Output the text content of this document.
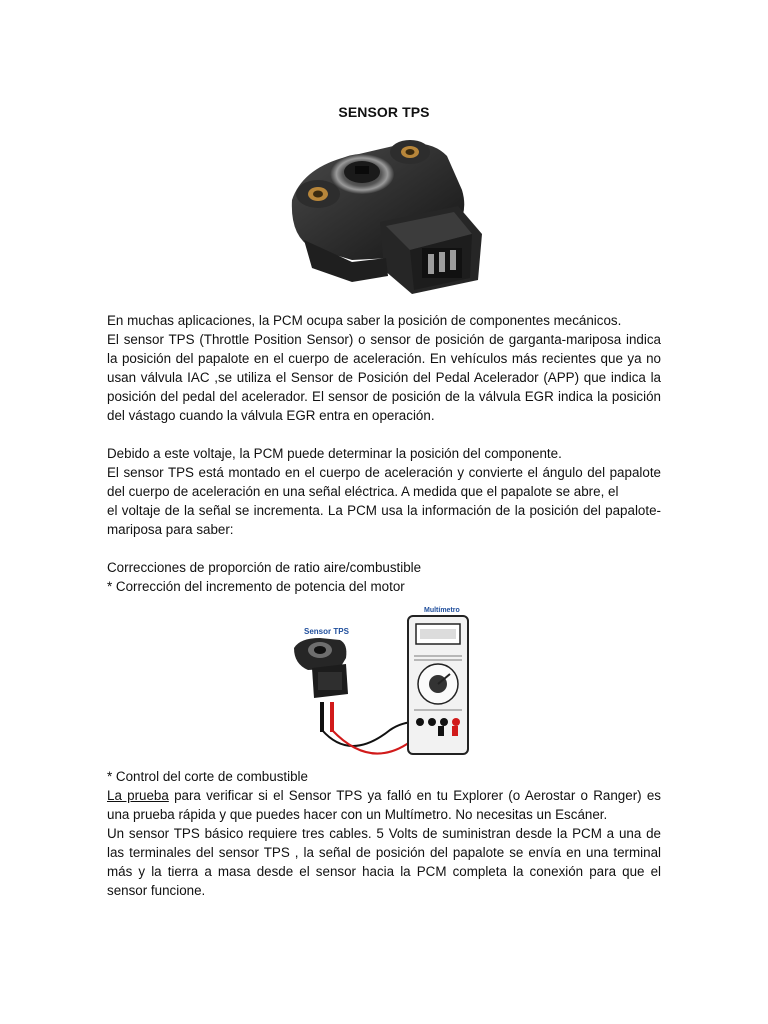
SENSOR TPS

En muchas aplicaciones, la PCM ocupa saber la posición de componentes mecánicos.

El sensor TPS (Throttle Position Sensor) o sensor de posición de garganta-mariposa indica la posición del papalote en el cuerpo de aceleración. En vehículos más recientes que ya no usan válvula IAC ,se utiliza el Sensor de Posición del Pedal Acelerador (APP) que indica la posición del pedal del acelerador. El sensor de posición de la válvula EGR indica la posición del vástago cuando la válvula EGR entra en operación.

Debido a este voltaje, la PCM puede determinar la posición del componente.

El sensor TPS está montado en el cuerpo de aceleración y convierte el ángulo del papalote del cuerpo de aceleración en una señal eléctrica. A medida que el papalote se abre, el

el voltaje de la señal se incrementa. La PCM usa la información de la posición del papalote-mariposa para saber:

Correcciones de proporción de ratio aire/combustible

* Corrección del incremento de potencia del motor

Sensor TPS
Multímetro

* Control del corte de combustible

La prueba para verificar si el Sensor TPS ya falló en tu Explorer (o Aerostar o Ranger) es una prueba rápida y que puedes hacer con un Multímetro. No necesitas un Escáner.

Un sensor TPS básico requiere tres cables. 5 Volts de suministran desde la PCM a una de las terminales del sensor TPS , la señal de posición del papalote se envía en una terminal más y la tierra a masa desde el sensor hacia la PCM completa la conexión para que el sensor funcione.
